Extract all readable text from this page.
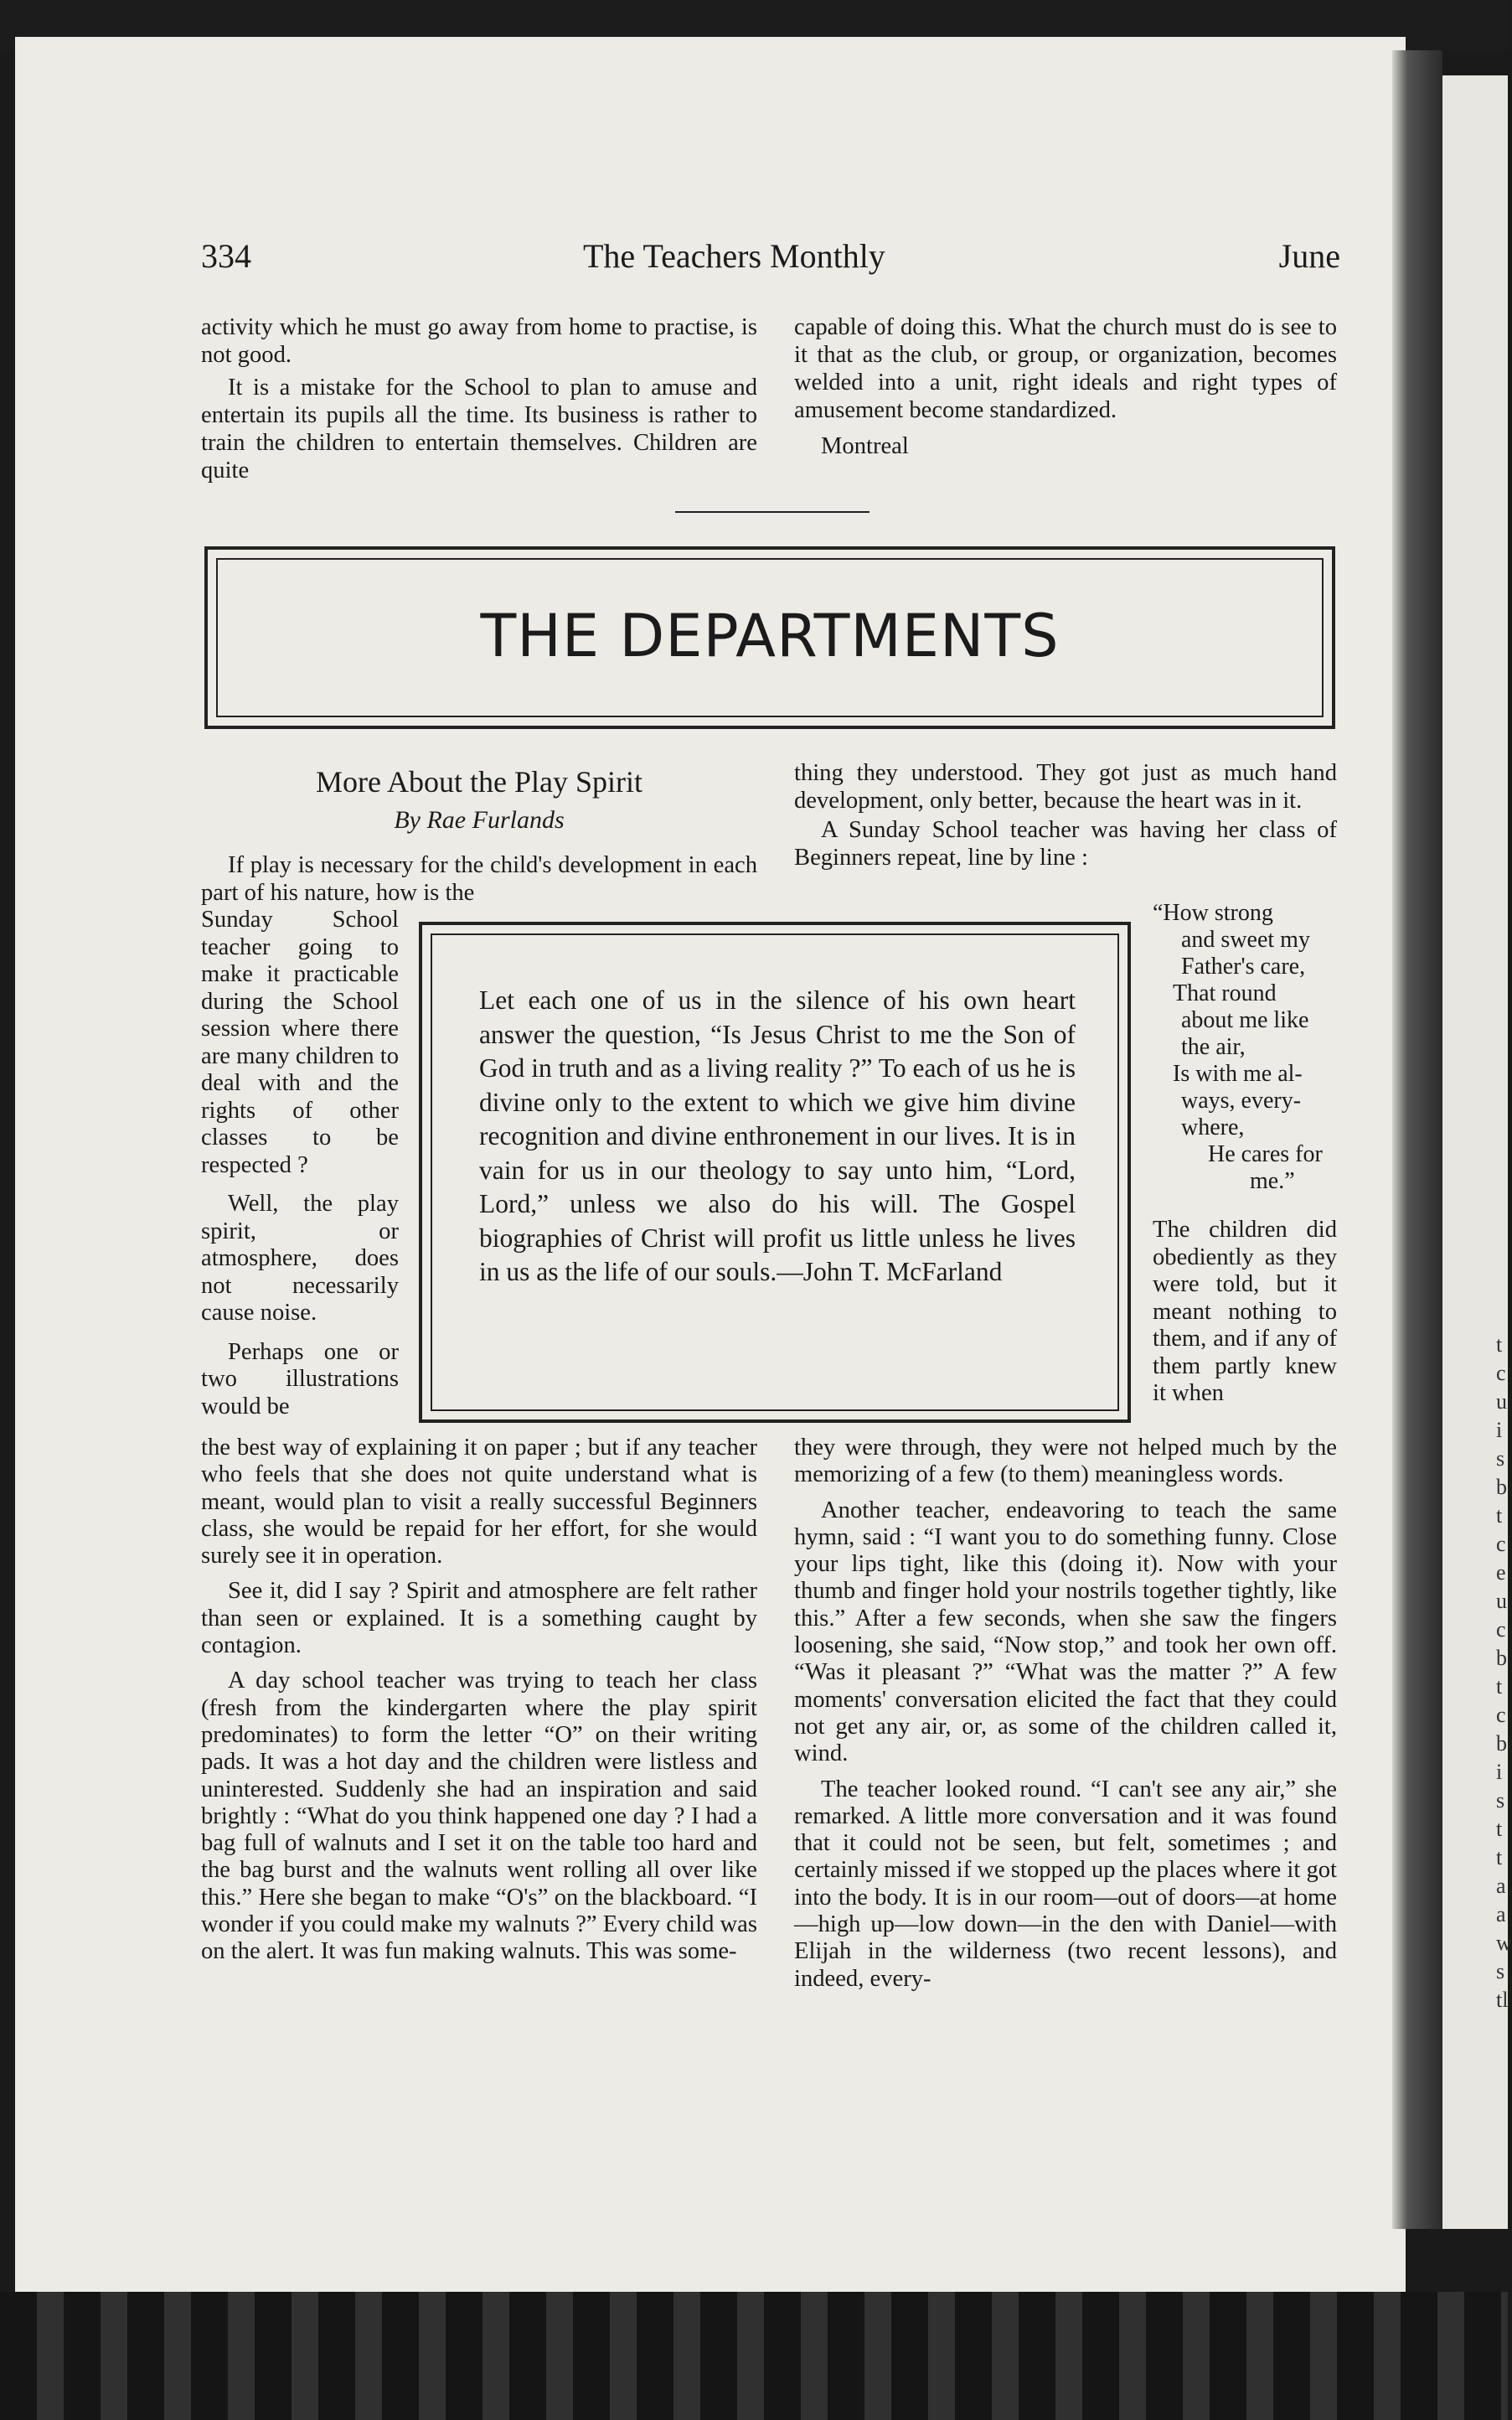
t
c
u
i
s
b
t
c
e
u
c
b
t
c
b
i
s
t
t
a
a
w
s
tl
334	The Teachers Monthly	June

activity which he must go away from home to practise, is not good.

It is a mistake for the School to plan to amuse and entertain its pupils all the time. Its business is rather to train the children to entertain themselves. Children are quite

capable of doing this. What the church must do is see to it that as the club, or group, or organization, becomes welded into a unit, right ideals and right types of amusement become standardized.

Montreal

THE DEPARTMENTS
More About the Play Spirit
By Rae Furlands

If play is necessary for the child's development in each part of his nature, how is the

Sunday School teacher going to make it practicable during the School session where there are many children to deal with and the rights of other classes to be respected ?

Well, the play spirit, or atmosphere, does not necessarily cause noise.

Perhaps one or two illustrations would be

the best way of explaining it on paper ; but if any teacher who feels that she does not quite understand what is meant, would plan to visit a really successful Beginners class, she would be repaid for her effort, for she would surely see it in operation.

See it, did I say ? Spirit and atmosphere are felt rather than seen or explained. It is a something caught by contagion.

A day school teacher was trying to teach her class (fresh from the kindergarten where the play spirit predominates) to form the letter “O” on their writing pads. It was a hot day and the children were listless and uninterested. Suddenly she had an inspiration and said brightly : “What do you think happened one day ? I had a bag full of walnuts and I set it on the table too hard and the bag burst and the walnuts went rolling all over like this.” Here she began to make “O's” on the blackboard. “I wonder if you could make my walnuts ?” Every child was on the alert. It was fun making walnuts. This was some-

thing they understood. They got just as much hand development, only better, because the heart was in it.

A Sunday School teacher was having her class of Beginners repeat, line by line :

“How strong
and sweet my
Father's care,
That round
about me like
the air,
Is with me al-
ways, every-
where,
He cares for
me.”

The children did obediently as they were told, but it meant nothing to them, and if any of them partly knew it when

they were through, they were not helped much by the memorizing of a few (to them) meaningless words.

Another teacher, endeavoring to teach the same hymn, said : “I want you to do something funny. Close your lips tight, like this (doing it). Now with your thumb and finger hold your nostrils together tightly, like this.” After a few seconds, when she saw the fingers loosening, she said, “Now stop,” and took her own off. “Was it pleasant ?” “What was the matter ?” A few moments' conversation elicited the fact that they could not get any air, or, as some of the children called it, wind.

The teacher looked round. “I can't see any air,” she remarked. A little more conversation and it was found that it could not be seen, but felt, sometimes ; and certainly missed if we stopped up the places where it got into the body. It is in our room—out of doors—at home—high up—low down—in the den with Daniel—with Elijah in the wilderness (two recent lessons), and indeed, every-

Let each one of us in the silence of his own heart answer the question, “Is Jesus Christ to me the Son of God in truth and as a living reality ?” To each of us he is divine only to the extent to which we give him divine recognition and divine enthronement in our lives. It is in vain for us in our theology to say unto him, “Lord, Lord,” unless we also do his will. The Gospel biographies of Christ will profit us little unless he lives in us as the life of our souls.—John T. McFarland
